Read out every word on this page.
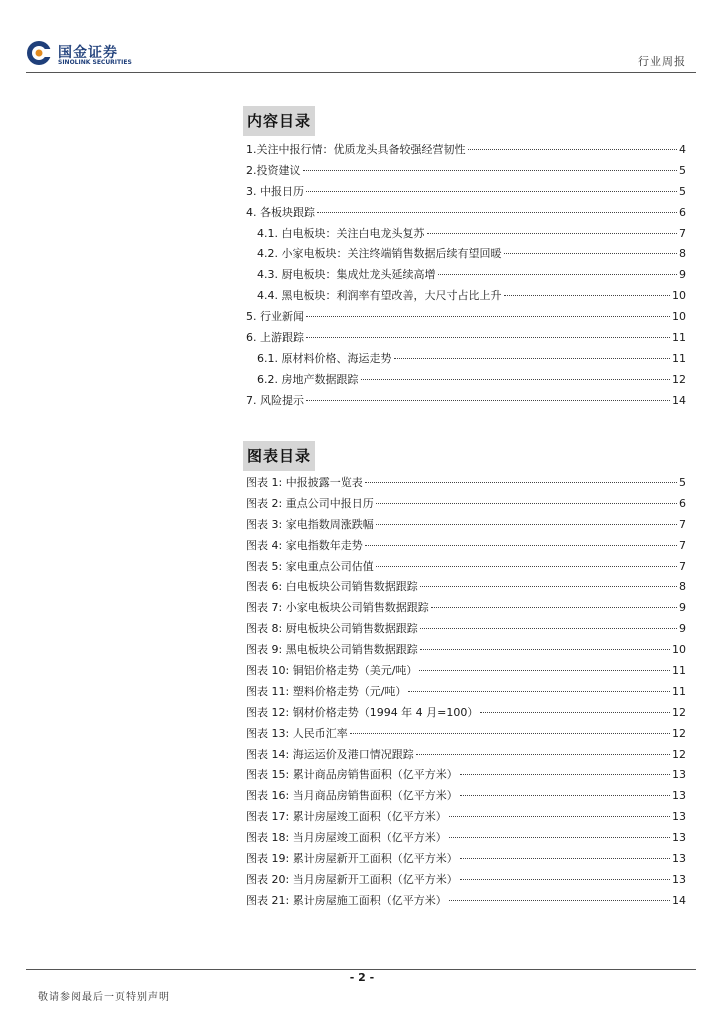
国金证券
SINOLINK SECURITIES	行业周报
内容目录
1.关注中报行情：优质龙头具备较强经营韧性	4
2.投资建议	5
3. 中报日历	5
4. 各板块跟踪	6
4.1. 白电板块：关注白电龙头复苏	7
4.2. 小家电板块：关注终端销售数据后续有望回暖	8
4.3. 厨电板块：集成灶龙头延续高增	9
4.4. 黑电板块：利润率有望改善，大尺寸占比上升	10
5. 行业新闻	10
6. 上游跟踪	11
6.1. 原材料价格、海运走势	11
6.2. 房地产数据跟踪	12
7. 风险提示	14
图表目录
图表 1: 中报披露一览表	5
图表 2: 重点公司中报日历	6
图表 3: 家电指数周涨跌幅	7
图表 4: 家电指数年走势	7
图表 5: 家电重点公司估值	7
图表 6: 白电板块公司销售数据跟踪	8
图表 7: 小家电板块公司销售数据跟踪	9
图表 8: 厨电板块公司销售数据跟踪	9
图表 9: 黑电板块公司销售数据跟踪	10
图表 10: 铜铝价格走势（美元/吨）	11
图表 11: 塑料价格走势（元/吨）	11
图表 12: 钢材价格走势（1994 年 4 月=100）	12
图表 13: 人民币汇率	12
图表 14: 海运运价及港口情况跟踪	12
图表 15: 累计商品房销售面积（亿平方米）	13
图表 16: 当月商品房销售面积（亿平方米）	13
图表 17: 累计房屋竣工面积（亿平方米）	13
图表 18: 当月房屋竣工面积（亿平方米）	13
图表 19: 累计房屋新开工面积（亿平方米）	13
图表 20: 当月房屋新开工面积（亿平方米）	13
图表 21: 累计房屋施工面积（亿平方米）	14
- 2 -
敬请参阅最后一页特别声明
